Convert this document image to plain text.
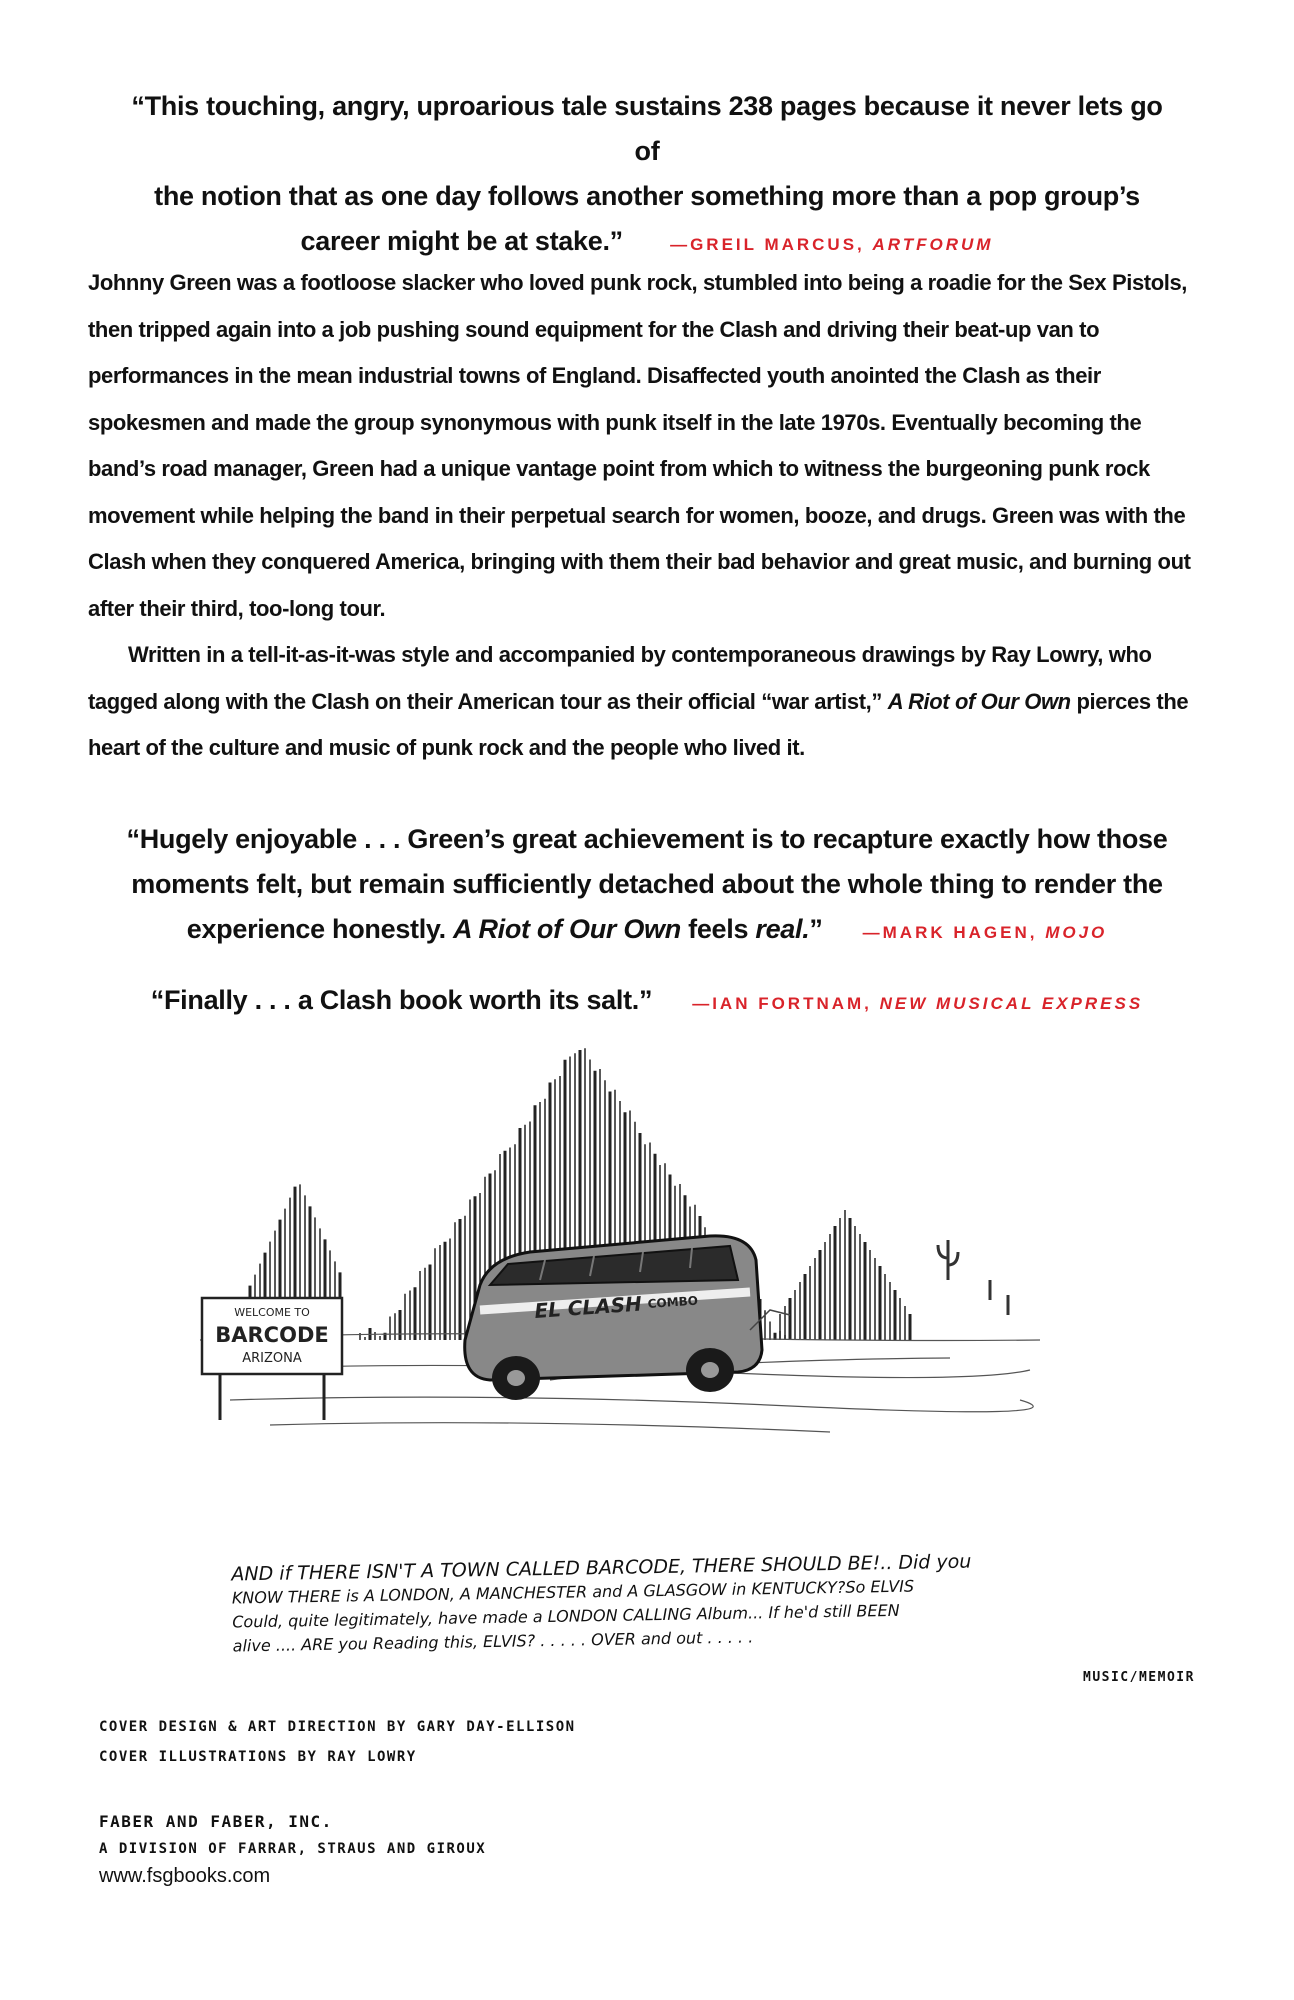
“This touching, angry, uproarious tale sustains 238 pages because it never lets go of
the notion that as one day follows another something more than a pop group’s
career might be at stake.”	—GREIL MARCUS, ARTFORUM

Johnny Green was a footloose slacker who loved punk rock, stumbled into being a roadie for the Sex Pistols, then tripped again into a job pushing sound equipment for the Clash and driving their beat-up van to performances in the mean industrial towns of England. Disaffected youth anointed the Clash as their spokesmen and made the group synonymous with punk itself in the late 1970s. Eventually becoming the band’s road manager, Green had a unique vantage point from which to witness the burgeoning punk rock movement while helping the band in their perpetual search for women, booze, and drugs. Green was with the Clash when they conquered America, bringing with them their bad behavior and great music, and burning out after their third, too-long tour.

Written in a tell-it-as-it-was style and accompanied by contemporaneous drawings by Ray Lowry, who tagged along with the Clash on their American tour as their official “war artist,” A Riot of Our Own pierces the heart of the culture and music of punk rock and the people who lived it.

“Hugely enjoyable . . . Green’s great achievement is to recapture exactly how those
moments felt, but remain sufficiently detached about the whole thing to render the
experience honestly. A Riot of Our Own feels real.” —MARK HAGEN, MOJO
“Finally . . . a Clash book worth its salt.” —IAN FORTNAM, NEW MUSICAL EXPRESS
WELCOME TO
BARCODE
ARIZONA
EL CLASH COMBO
AND if THERE ISN'T A TOWN CALLED BARCODE, THERE SHOULD BE!.. Did you
KNOW THERE is A LONDON, A MANCHESTER and A GLASGOW in KENTUCKY?So ELVIS
Could, quite legitimately, have made a LONDON CALLING Album... If he'd still BEEN
alive .... ARE you Reading this, ELVIS? . . . . . OVER and out . . . . .
MUSIC/MEMOIR
COVER DESIGN & ART DIRECTION BY GARY DAY-ELLISON
COVER ILLUSTRATIONS BY RAY LOWRY
FABER AND FABER, INC.
A DIVISION OF FARRAR, STRAUS AND GIROUX
www.fsgbooks.com
